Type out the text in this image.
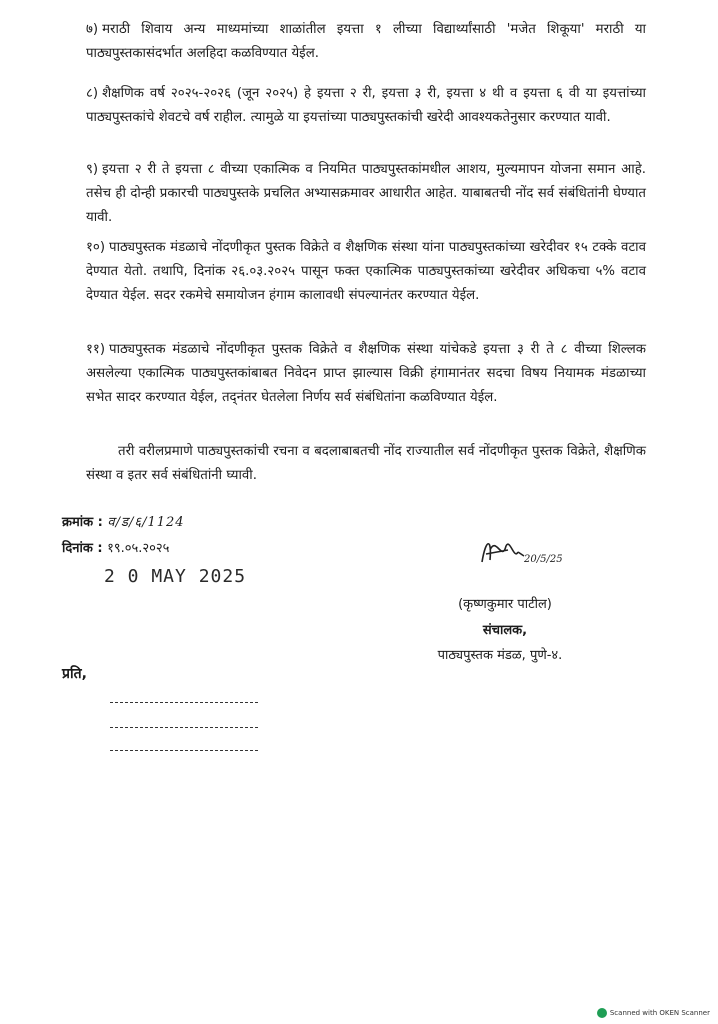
७) मराठी शिवाय अन्य माध्यमांच्या शाळांतील इयत्ता १ लीच्या विद्यार्थ्यांसाठी 'मजेत शिकूया' मराठी या पाठ्यपुस्तकासंदर्भात अलहिदा कळविण्यात येईल.
८) शैक्षणिक वर्ष २०२५-२०२६ (जून २०२५) हे इयत्ता २ री, इयत्ता ३ री, इयत्ता ४ थी व इयत्ता ६ वी या इयत्तांच्या पाठ्यपुस्तकांचे शेवटचे वर्ष राहील. त्यामुळे या इयत्तांच्या पाठ्यपुस्तकांची खरेदी आवश्यकतेनुसार करण्यात यावी.
९) इयत्ता २ री ते इयत्ता ८ वीच्या एकात्मिक व नियमित पाठ्यपुस्तकांमधील आशय, मुल्यमापन योजना समान आहे. तसेच ही दोन्ही प्रकारची पाठ्यपुस्तके प्रचलित अभ्यासक्रमावर आधारीत आहेत. याबाबतची नोंद सर्व संबंधितांनी घेण्यात यावी.
१०) पाठ्यपुस्तक मंडळाचे नोंदणीकृत पुस्तक विक्रेते व शैक्षणिक संस्था यांना पाठ्यपुस्तकांच्या खरेदीवर १५ टक्के वटाव देण्यात येतो. तथापि, दिनांक २६.०३.२०२५ पासून फक्त एकात्मिक पाठ्यपुस्तकांच्या खरेदीवर अधिकचा ५% वटाव देण्यात येईल. सदर रकमेचे समायोजन हंगाम कालावधी संपल्यानंतर करण्यात येईल.
११) पाठ्यपुस्तक मंडळाचे नोंदणीकृत पुस्तक विक्रेते व शैक्षणिक संस्था यांचेकडे इयत्ता ३ री ते ८ वीच्या शिल्लक असलेल्या एकात्मिक पाठ्यपुस्तकांबाबत निवेदन प्राप्त झाल्यास विक्री हंगामानंतर सदचा विषय नियामक मंडळाच्या सभेत सादर करण्यात येईल, तद्नंतर घेतलेला निर्णय सर्व संबंधितांना कळविण्यात येईल.
तरी वरीलप्रमाणे पाठ्यपुस्तकांची रचना व बदलाबाबतची नोंद राज्यातील सर्व नोंदणीकृत पुस्तक विक्रेते, शैक्षणिक संस्था व इतर सर्व संबंधितांनी घ्यावी.
क्रमांक : व/ड/६/1124
दिनांक : १९.०५.२०२५
2 0 MAY 2025
20/5/25
(कृष्णकुमार पाटील)
संचालक,
पाठ्यपुस्तक मंडळ, पुणे-४.
प्रति,
Scanned with OKEN Scanner
